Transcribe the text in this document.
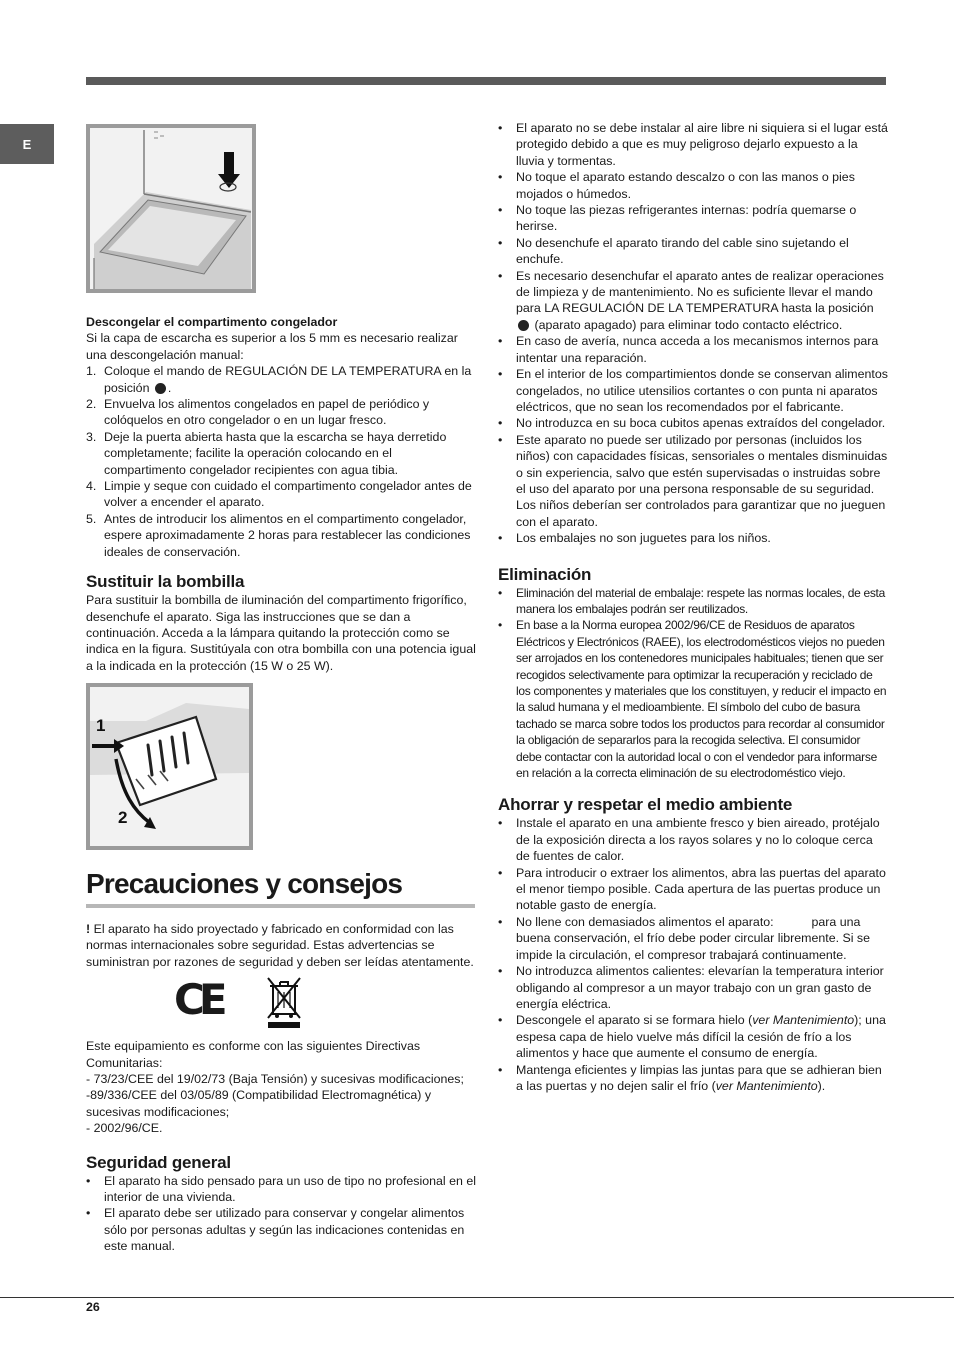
E

Descongelar el compartimento congelador

Si la capa de escarcha es superior a los 5 mm es necesario realizar una descongelación manual:

1. Coloque el mando de REGULACIÓN DE LA TEMPERATURA en la posición .
2. Envuelva los alimentos congelados en papel de periódico y colóquelos en otro congelador o en un lugar fresco.
3. Deje la puerta abierta hasta que la escarcha se haya derretido completamente; facilite la operación colocando en el compartimento congelador recipientes con agua tibia.
4. Limpie y seque con cuidado el compartimento congelador antes de volver a encender el aparato.
5. Antes de introducir los alimentos en el compartimento congelador, espere aproximadamente 2 horas para restablecer las condiciones ideales de conservación.

Sustituir la bombilla

Para sustituir la bombilla de iluminación del compartimento frigorífico, desenchufe el aparato. Siga las instrucciones que se dan a continuación. Acceda a la lámpara quitando la protección como se indica en la figura. Sustitúyala con otra bombilla con una potencia igual a la indicada en la protección (15 W o 25 W).

1
2
Precauciones y consejos

! El aparato ha sido proyectado y fabricado en conformidad con las normas internacionales sobre seguridad. Estas advertencias se suministran por razones de seguridad y deben ser leídas atentamente.

CE

Este equipamiento es conforme con las siguientes Directivas Comunitarias:

- 73/23/CEE del 19/02/73 (Baja Tensión) y sucesivas modificaciones;

-89/336/CEE del 03/05/89 (Compatibilidad Electromagnética) y sucesivas modificaciones;

- 2002/96/CE.

Seguridad general

• El aparato ha sido pensado para un uso de tipo no profesional en el interior de una vivienda.
• El aparato debe ser utilizado para conservar y congelar alimentos sólo por personas adultas y según las indicaciones contenidas en este manual.
• El aparato no se debe instalar al aire libre ni siquiera si el lugar está protegido debido a que es muy peligroso dejarlo expuesto a la lluvia y tormentas.
• No toque el aparato estando descalzo o con las manos o pies mojados o húmedos.
• No toque las piezas refrigerantes internas: podría quemarse o herirse.
• No desenchufe el aparato tirando del cable sino sujetando el enchufe.
• Es necesario desenchufar el aparato antes de realizar operaciones de limpieza y de mantenimiento. No es suficiente llevar el mando para LA REGULACIÓN DE LA TEMPERATURA hasta la posición  (aparato apagado) para eliminar todo contacto eléctrico.
• En caso de avería, nunca acceda a los mecanismos internos para intentar una reparación.
• En el interior de los compartimientos donde se conservan alimentos congelados, no utilice utensilios cortantes o con punta ni aparatos eléctricos, que no sean los recomendados por el fabricante.
• No introduzca en su boca cubitos apenas extraídos del congelador.
• Este aparato no puede ser utilizado por personas (incluidos los niños) con capacidades físicas, sensoriales o mentales disminuidas o sin experiencia, salvo que estén supervisadas o instruidas sobre el uso del aparato por una persona responsable de su seguridad. Los niños deberían ser controlados para garantizar que no jueguen con el aparato.
• Los embalajes no son juguetes para los niños.

Eliminación

• Eliminación del material de embalaje: respete las normas locales, de esta manera los embalajes podrán ser reutilizados.
• En base a la Norma europea 2002/96/CE de Residuos de aparatos Eléctricos y Electrónicos (RAEE), los electrodomésticos viejos no pueden ser arrojados en los contenedores municipales habituales; tienen que ser recogidos selectivamente para optimizar la recuperación y reciclado de los componentes y materiales que los constituyen, y reducir el impacto en la salud humana y el medioambiente. El símbolo del cubo de basura tachado se marca sobre todos los productos para recordar al consumidor la obligación de separarlos para la recogida selectiva. El consumidor debe contactar con la autoridad local o con el vendedor para informarse en relación a la correcta eliminación de su electrodoméstico viejo.

Ahorrar y respetar el medio ambiente

• Instale el aparato en una ambiente fresco y bien aireado, protéjalo de la exposición directa a los rayos solares y no lo coloque cerca de fuentes de calor.
• Para introducir o extraer los alimentos, abra las puertas del aparato el menor tiempo posible. Cada apertura de las puertas produce un notable gasto de energía.
• No llene con demasiados alimentos el aparato:           para una buena conservación, el frío debe poder circular libremente. Si se impide la circulación, el compresor trabajará continuamente.
• No introduzca alimentos calientes: elevarían la temperatura interior obligando al compresor a un mayor trabajo con un gran gasto de energía eléctrica.
• Descongele el aparato si se formara hielo (ver Mantenimiento); una espesa capa de hielo vuelve más difícil la cesión de frío a los alimentos y hace que aumente el consumo de energía.
• Mantenga eficientes y limpias las juntas para que se adhieran bien a las puertas y no dejen salir el frío (ver Mantenimiento).
26
